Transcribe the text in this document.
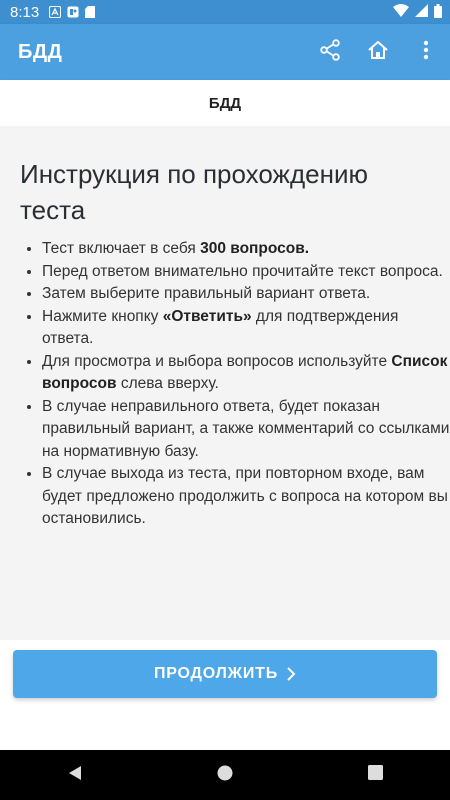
8:13
БДД
БДД
Инструкция по прохождению теста
• Тест включает в себя 300 вопросов.
• Перед ответом внимательно прочитайте текст вопроса.
• Затем выберите правильный вариант ответа.
• Нажмите кнопку «Ответить» для подтверждения ответа.
• Для просмотра и выбора вопросов используйте Список вопросов слева вверху.
• В случае неправильного ответа, будет показан правильный вариант, а также комментарий со ссылками на нормативную базу.
• В случае выхода из теста, при повторном входе, вам будет предложено продолжить с вопроса на котором вы остановились.
ПРОДОЛЖИТЬ
